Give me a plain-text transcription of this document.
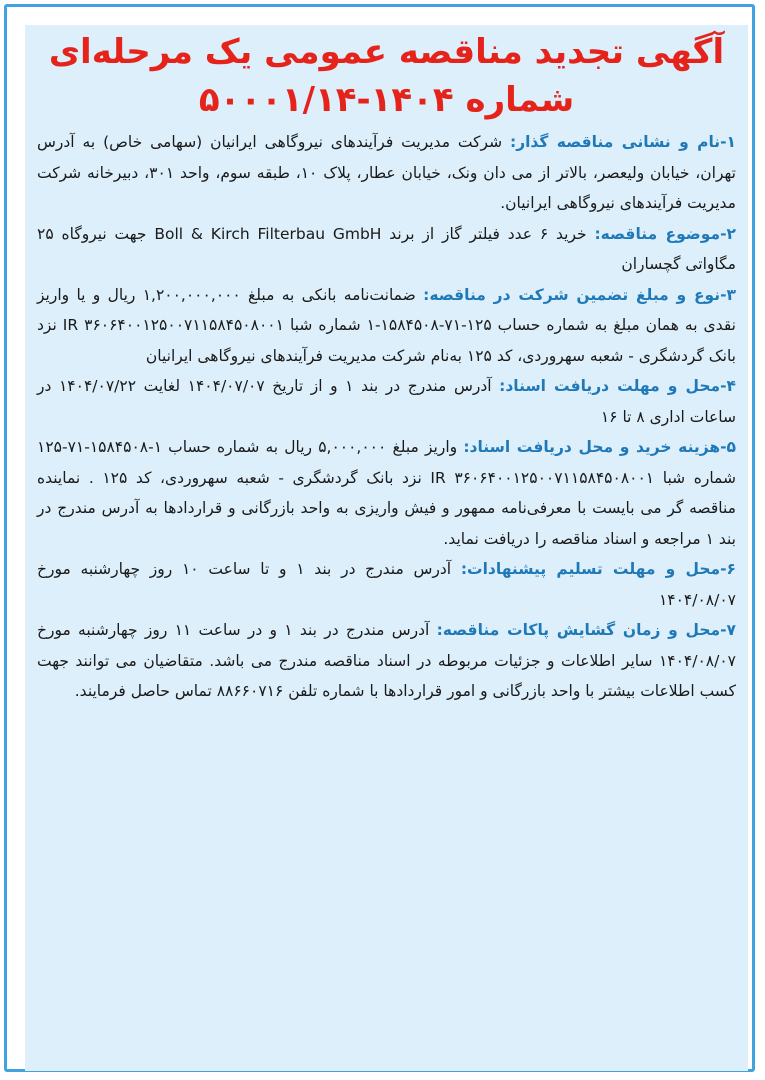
آگهی تجدید مناقصه عمومی یک مرحله‌ای
شماره ۱۴۰۴-۵۰۰۰۱/۱۴

۱-نام و نشانی مناقصه گذار: شرکت مدیریت فرآیندهای نیروگاهی ایرانیان (سهامی خاص) به آدرس تهران، خیابان ولیعصر، بالاتر از می دان ونک، خیابان عطار، پلاک ۱۰، طبقه سوم، واحد ۳۰۱، دبیرخانه شرکت مدیریت فرآیندهای نیروگاهی ایرانیان.

۲-موضوع مناقصه: خرید ۶ عدد فیلتر گاز از برند Boll & Kirch Filterbau GmbH جهت نیروگاه ۲۵ مگاواتی گچساران

۳-نوع و مبلغ تضمین شرکت در مناقصه: ضمانت‌نامه بانکی به مبلغ ۱,۲۰۰,۰۰۰,۰۰۰ ریال و یا واریز نقدی به همان مبلغ به شماره حساب ۱۲۵-۷۱-۱۵۸۴۵۰۸-۱ شماره شبا IR ۳۶۰۶۴۰۰۱۲۵۰۰۷۱۱۵۸۴۵۰۸۰۰۱ نزد بانک گردشگری - شعبه سهروردی، کد ۱۲۵ به‌نام شرکت مدیریت فرآیندهای نیروگاهی ایرانیان

۴-محل و مهلت دریافت اسناد: آدرس مندرج در بند ۱ و از تاریخ ۱۴۰۴/۰۷/۰۷ لغایت ۱۴۰۴/۰۷/۲۲ در ساعات اداری ۸ تا ۱۶

۵-هزینه خرید و محل دریافت اسناد: واریز مبلغ ۵,۰۰۰,۰۰۰ ریال به شماره حساب ۱-۱۵۸۴۵۰۸-۷۱-۱۲۵ شماره شبا IR ۳۶۰۶۴۰۰۱۲۵۰۰۷۱۱۵۸۴۵۰۸۰۰۱ نزد بانک گردشگری - شعبه سهروردی، کد ۱۲۵ . نماینده مناقصه گر می بایست با معرفی‌نامه ممهور و فیش واریزی به واحد بازرگانی و قراردادها به آدرس مندرج در بند ۱ مراجعه و اسناد مناقصه را دریافت نماید.

۶-محل و مهلت تسلیم پیشنهادات: آدرس مندرج در بند ۱ و تا ساعت ۱۰ روز چهارشنبه مورخ ۱۴۰۴/۰۸/۰۷

۷-محل و زمان گشایش پاکات مناقصه: آدرس مندرج در بند ۱ و در ساعت ۱۱ روز چهارشنبه مورخ ۱۴۰۴/۰۸/۰۷ سایر اطلاعات و جزئیات مربوطه در اسناد مناقصه مندرج می باشد. متقاضیان می توانند جهت کسب اطلاعات بیشتر با واحد بازرگانی و امور قراردادها با شماره تلفن ۸۸۶۶۰۷۱۶ تماس حاصل فرمایند.
